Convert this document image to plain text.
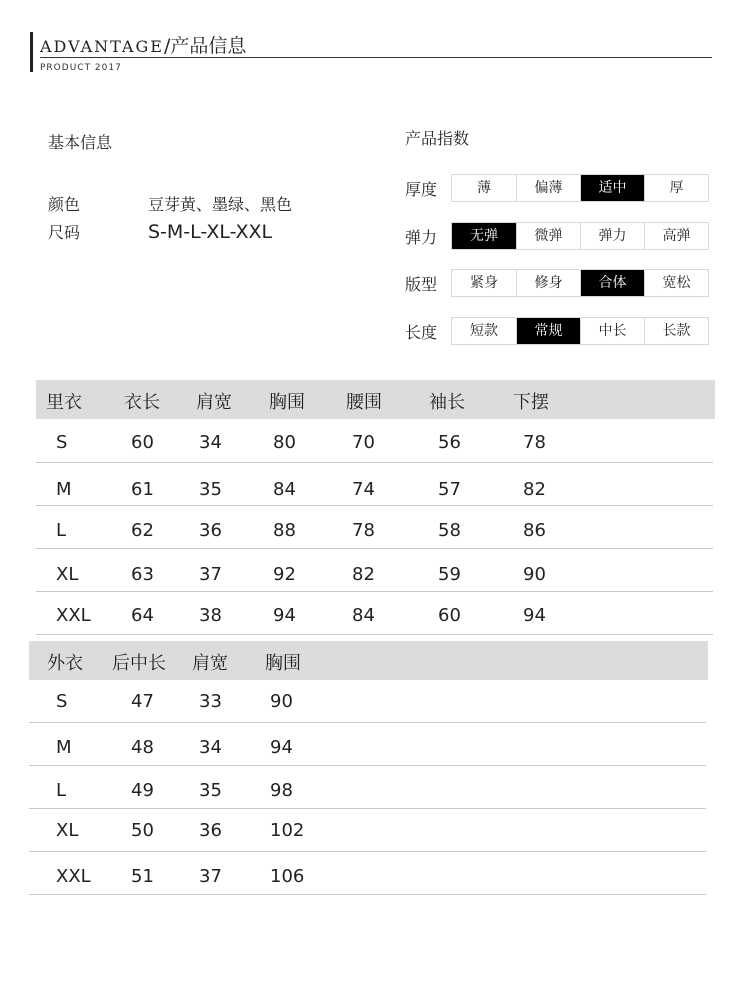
ADVANTAGE/产品信息
PRODUCT 2017
基本信息
颜色	豆芽黄、墨绿、黑色
尺码	S-M-L-XL-XXL
产品指数
厚度	薄	偏薄	适中	厚
弹力	无弹	微弹	弹力	高弹
版型	紧身	修身	合体	宽松
长度	短款	常规	中长	长款
里衣 衣长 肩宽 胸围 腰围	袖长	下摆
S	60	34	80	70	56	78
M	61	35	84	74	57	82
L	62	36	88	78	58	86
XL	63	37	92	82	59	90
XXL 64	38	94	84	60	94
外衣 后中长 肩宽 胸围
S	47	33	90
M	48	34	94
L	49	35	98
XL	50	36	102
XXL 51	37	106
